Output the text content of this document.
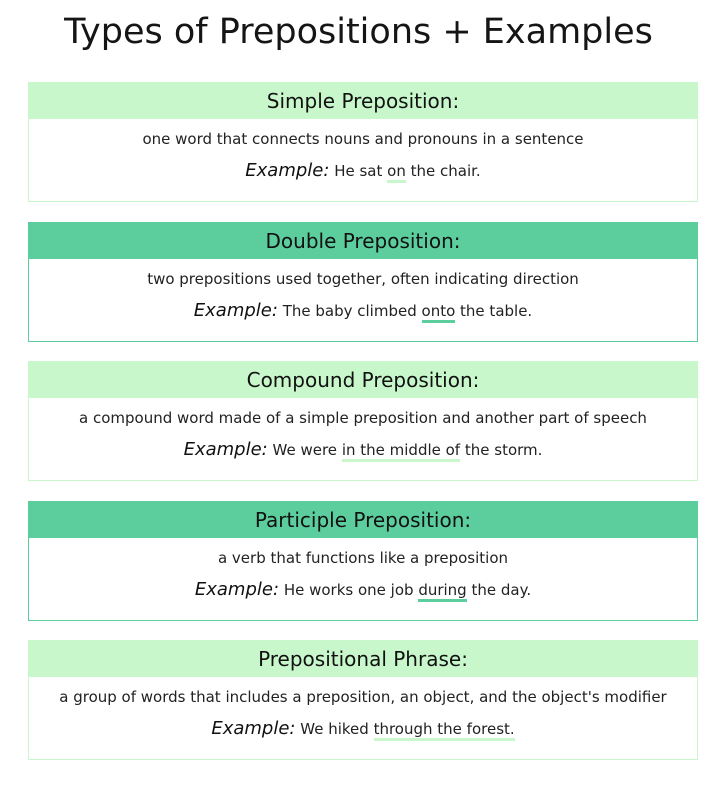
Types of Prepositions + Examples
Simple Preposition:
one word that connects nouns and pronouns in a sentence
Example: He sat on the chair.
Double Preposition:
two prepositions used together, often indicating direction
Example: The baby climbed onto the table.
Compound Preposition:
a compound word made of a simple preposition and another part of speech
Example: We were in the middle of the storm.
Participle Preposition:
a verb that functions like a preposition
Example: He works one job during the day.
Prepositional Phrase:
a group of words that includes a preposition, an object, and the object's modifier
Example: We hiked through the forest.
